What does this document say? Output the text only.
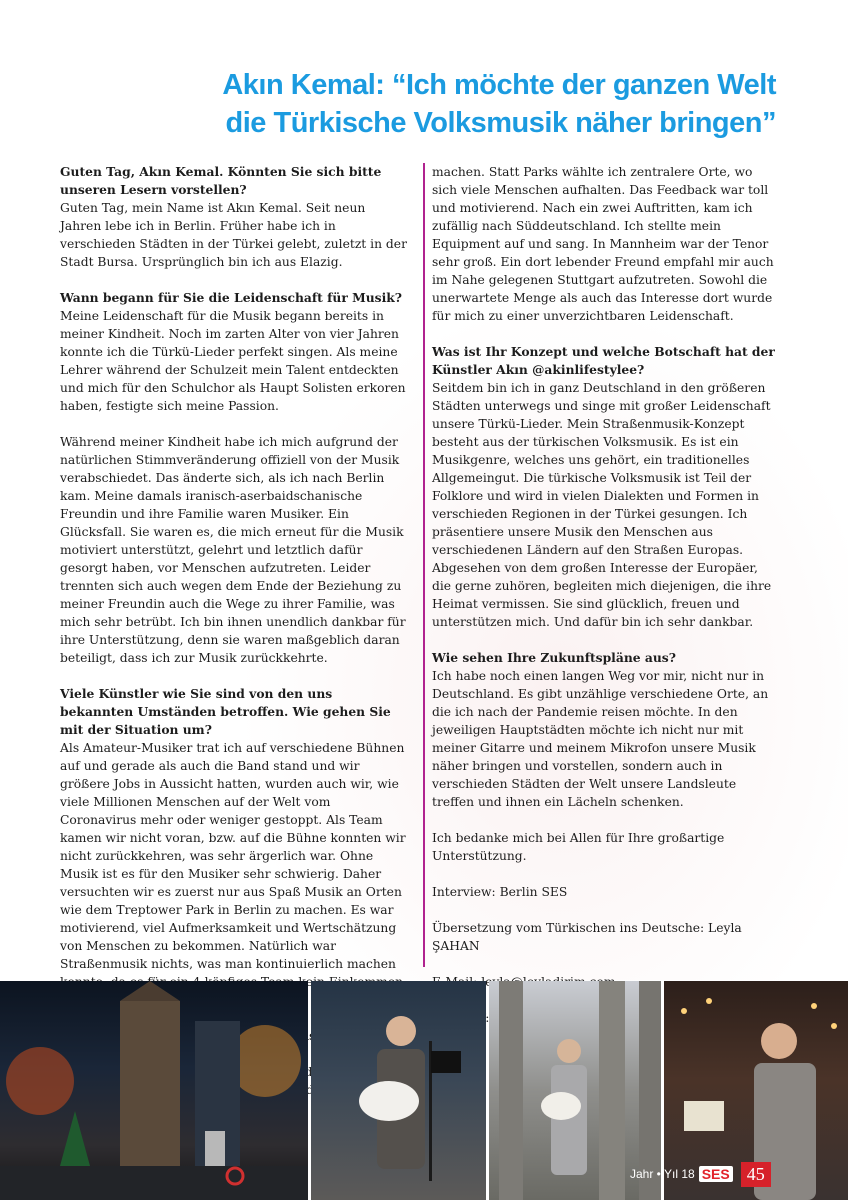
Akın Kemal: “Ich möchte der ganzen Welt
die Türkische Volksmusik näher bringen”

Guten Tag, Akın Kemal. Könnten Sie sich bitte unseren Lesern vorstellen?

Guten Tag, mein Name ist Akın Kemal. Seit neun Jahren lebe ich in Berlin. Früher habe ich in verschieden Städten in der Türkei gelebt, zuletzt in der Stadt Bursa. Ursprünglich bin ich aus Elazig.

Wann begann für Sie die Leidenschaft für Musik?

Meine Leidenschaft für die Musik begann bereits in meiner Kindheit. Noch im zarten Alter von vier Jahren konnte ich die Türkü-Lieder perfekt singen. Als meine Lehrer während der Schulzeit mein Talent entdeckten und mich für den Schulchor als Haupt Solisten erkoren haben, festigte sich meine Passion.

Während meiner Kindheit habe ich mich aufgrund der natürlichen Stimmveränderung offiziell von der Musik verabschiedet. Das änderte sich, als ich nach Berlin kam. Meine damals iranisch-aserbaidschanische Freundin und ihre Familie waren Musiker. Ein Glücksfall. Sie waren es, die mich erneut für die Musik motiviert unterstützt, gelehrt und letztlich dafür gesorgt haben, vor Menschen aufzutreten. Leider trennten sich auch wegen dem Ende der Beziehung zu meiner Freundin auch die Wege zu ihrer Familie, was mich sehr betrübt. Ich bin ihnen unendlich dankbar für ihre Unterstützung, denn sie waren maßgeblich daran beteiligt, dass ich zur Musik zurückkehrte.

Viele Künstler wie Sie sind von den uns bekannten Umständen betroffen. Wie gehen Sie mit der Situation um?

Als Amateur-Musiker trat ich auf verschiedene Bühnen auf und gerade als auch die Band stand und wir größere Jobs in Aussicht hatten, wurden auch wir, wie viele Millionen Menschen auf der Welt vom Coronavirus mehr oder weniger gestoppt. Als Team kamen wir nicht voran, bzw. auf die Bühne konnten wir nicht zurückkehren, was sehr ärgerlich war. Ohne Musik ist es für den Musiker sehr schwierig. Daher versuchten wir es zuerst nur aus Spaß Musik an Orten wie dem Treptower Park in Berlin zu machen. Es war motivierend, viel Aufmerksamkeit und Wertschätzung von Menschen zu bekommen. Natürlich war Straßenmusik nichts, was man kontinuierlich machen

machen. Statt Parks wählte ich zentralere Orte, wo sich viele Menschen aufhalten. Das Feedback war toll und motivierend. Nach ein zwei Auftritten, kam ich zufällig nach Süddeutschland. Ich stellte mein Equipment auf und sang. In Mannheim war der Tenor sehr groß. Ein dort lebender Freund empfahl mir auch im Nahe gelegenen Stuttgart aufzutreten. Sowohl die unerwartete Menge als auch das Interesse dort wurde für mich zu einer unverzichtbaren Leidenschaft.

Was ist Ihr Konzept und welche Botschaft hat der Künstler Akın @akinlifestylee?

Seitdem bin ich in ganz Deutschland in den größeren Städten unterwegs und singe mit großer Leidenschaft unsere Türkü-Lieder. Mein Straßenmusik-Konzept besteht aus der türkischen Volksmusik. Es ist ein Musikgenre, welches uns gehört, ein traditionelles Allgemeingut. Die türkische Volksmusik ist Teil der Folklore und wird in vielen Dialekten und Formen in verschieden Regionen in der Türkei gesungen. Ich präsentiere unsere Musik den Menschen aus verschiedenen Ländern auf den Straßen Europas. Abgesehen von dem großen Interesse der Europäer, die gerne zuhören, begleiten mich diejenigen, die ihre Heimat vermissen. Sie sind glücklich, freuen und unterstützen mich. Und dafür bin ich sehr dankbar.

Wie sehen Ihre Zukunftspläne aus?

Ich habe noch einen langen Weg vor mir, nicht nur in Deutschland. Es gibt unzählige verschiedene Orte, an die ich nach der Pandemie reisen möchte. In den jeweiligen Hauptstädten möchte ich nicht nur mit meiner Gitarre und meinem Mikrofon unsere Musik näher bringen und vorstellen, sondern auch in verschieden Städten der Welt unsere Landsleute treffen und ihnen ein Lächeln schenken.

Ich bedanke mich bei Allen für Ihre großartige Unterstützung.

Interview: Berlin SES

Übersetzung vom Türkischen ins Deutsche: Leyla ŞAHAN

Jahr • Yıl 18 SES 45
